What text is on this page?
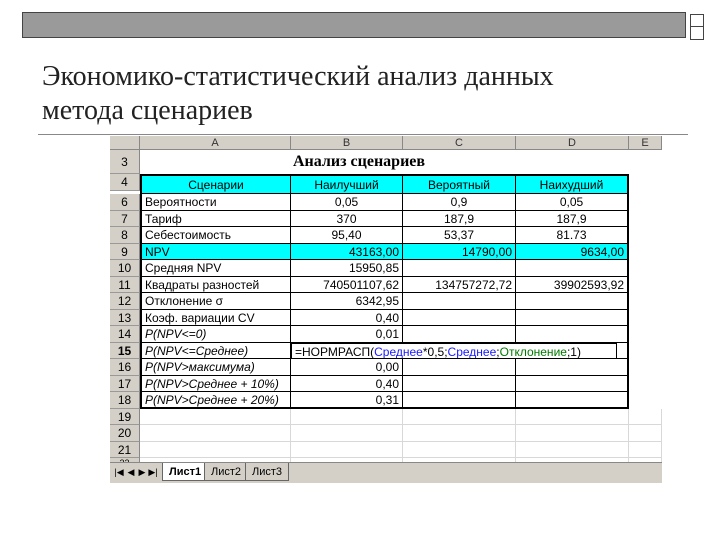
Экономико-статистический анализ данных
метода сценариев
A	B	C	D	E
3
4
6
7
8
9
10
11
12
13
14
15
16
17
18
19
20
21
Анализ сценариев
Сценарии	Наилучший	Вероятный	Наихудший
Вероятности	0,05	0,9	0,05
Тариф	370	187,9	187,9
Себестоимость	95,40	53,37	81.73
NPV	43163,00	14790,00	9634,00
Средняя NPV	15950,85
Квадраты разностей	740501107,62	134757272,72	39902593,92
Отклонение σ	6342,95
Коэф. вариации CV	0,40
P(NPV<=0)	0,01
P(NPV<=Среднее)
P(NPV>максимума)	0,00
P(NPV>Среднее + 10%)	0,40
P(NPV>Среднее + 20%)	0,31
=НОРМРАСП(Среднее*0,5;Среднее;Отклонение;1)
|◀ ◀ ▶ ▶|	Лист1 Лист2 Лист3
